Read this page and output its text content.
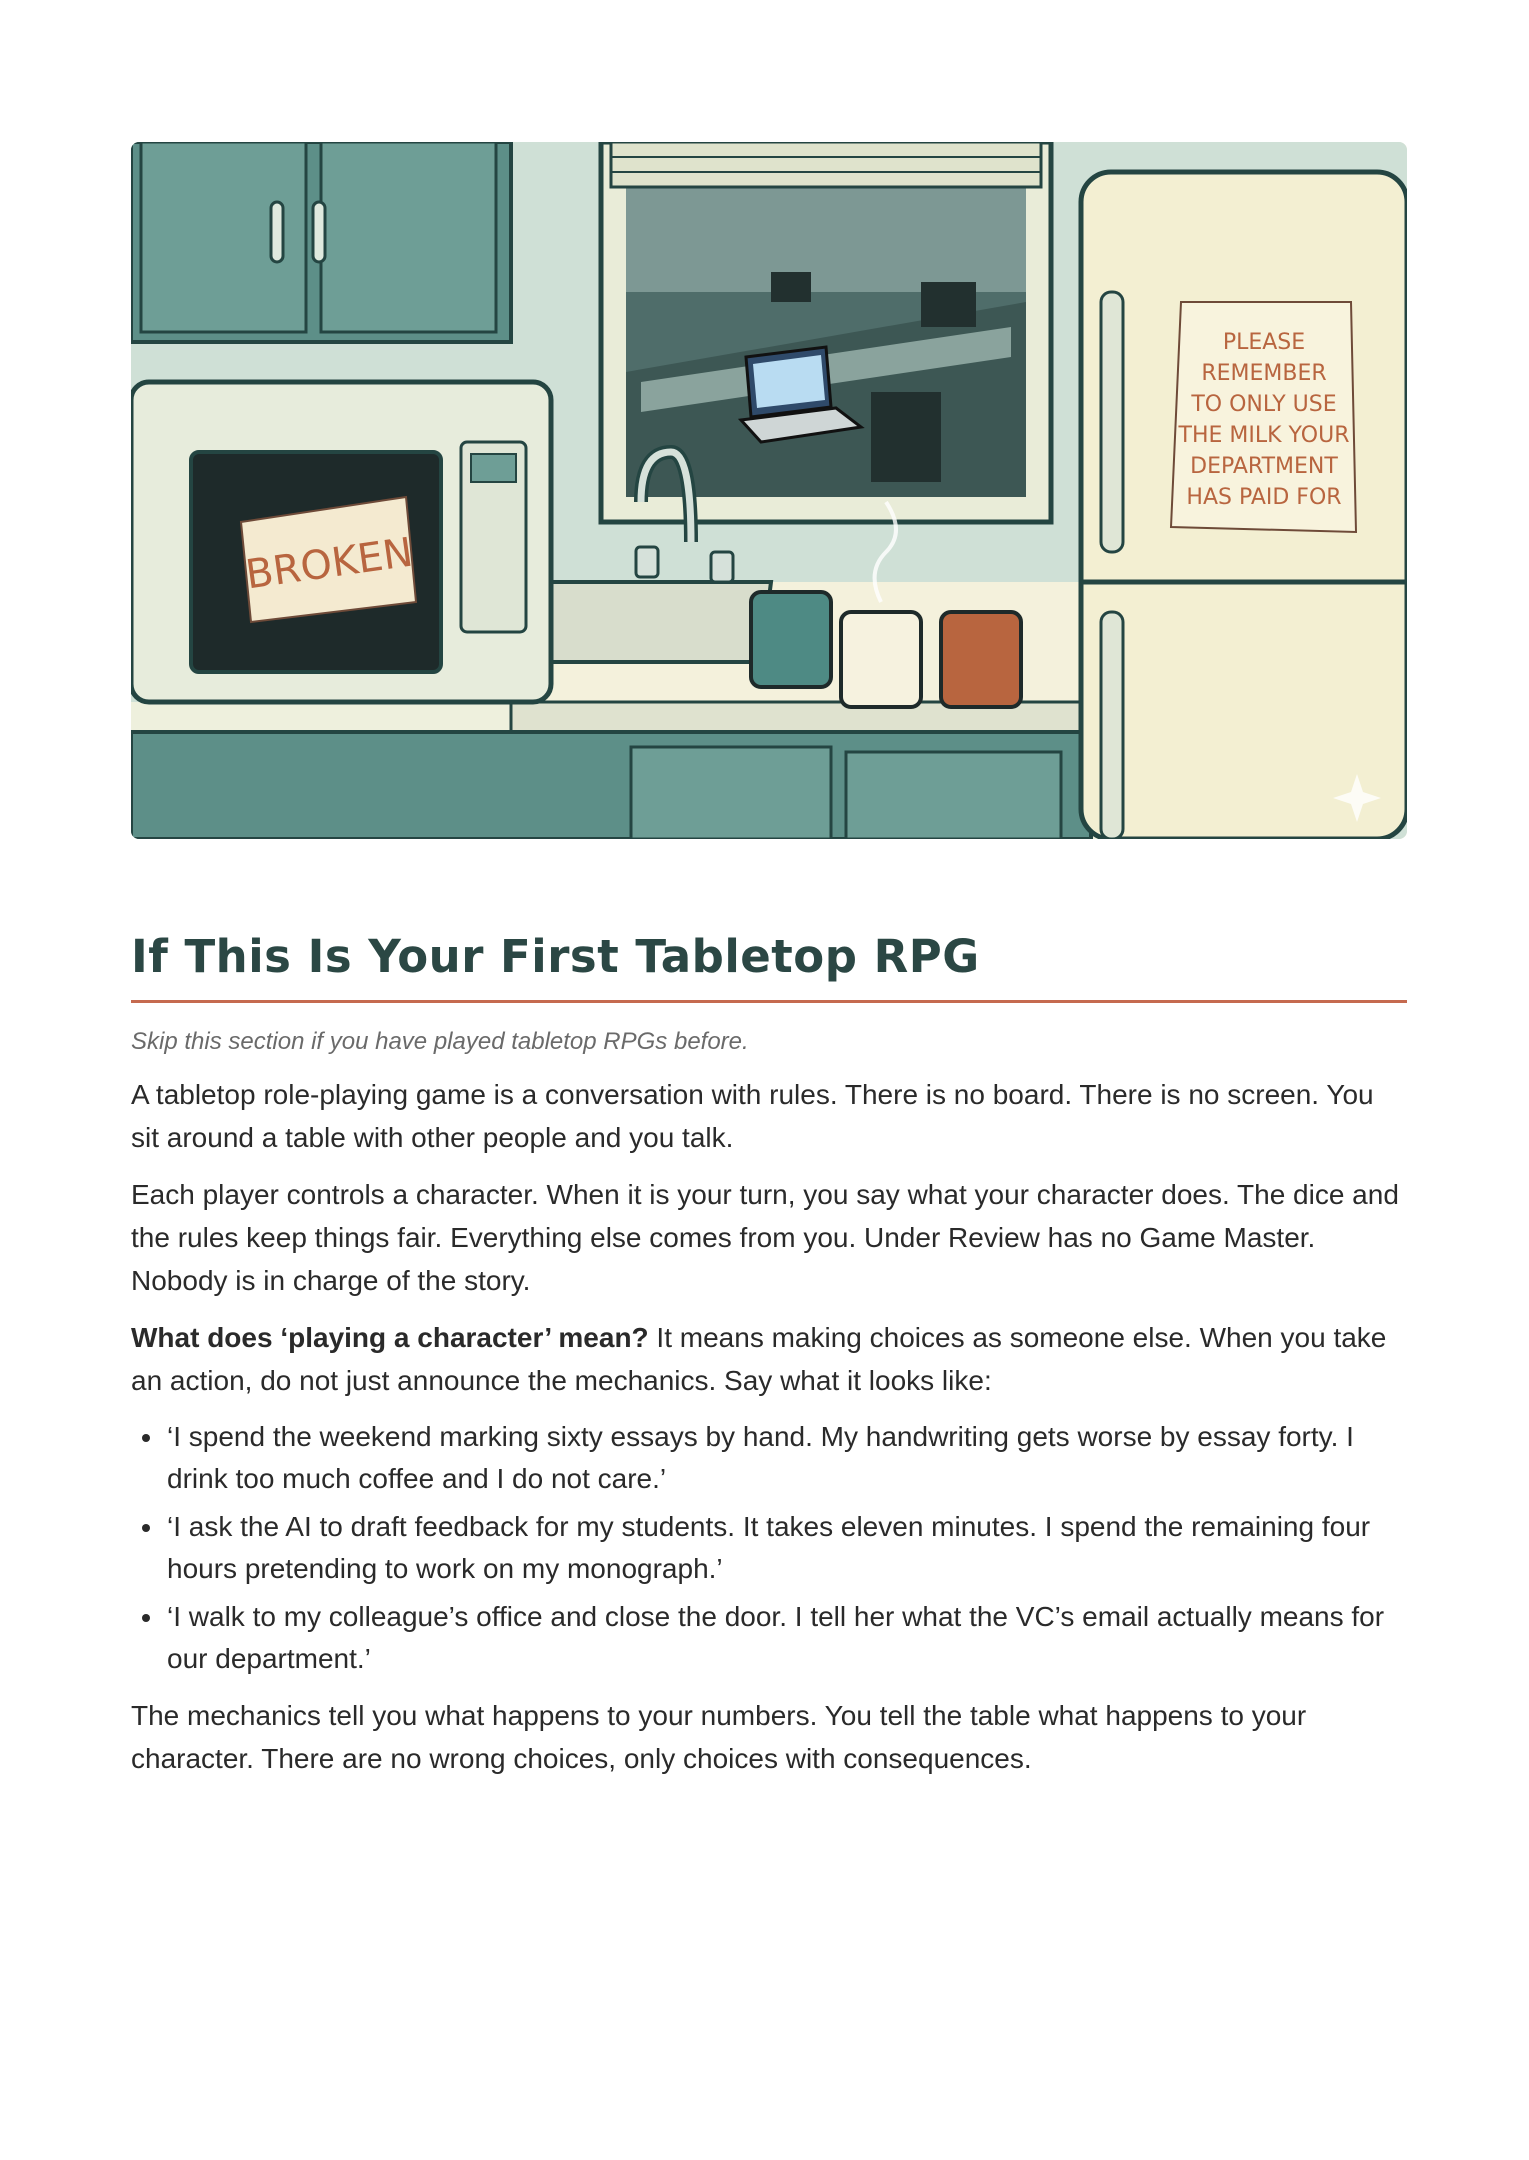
BROKEN
PLEASE
REMEMBER
TO ONLY USE
THE MILK YOUR
DEPARTMENT
HAS PAID FOR
If This Is Your First Tabletop RPG

Skip this section if you have played tabletop RPGs before.

A tabletop role-playing game is a conversation with rules. There is no board. There is no screen. You sit around a table with other people and you talk.

Each player controls a character. When it is your turn, you say what your character does. The dice and the rules keep things fair. Everything else comes from you. Under Review has no Game Master. Nobody is in charge of the story.

What does ‘playing a character’ mean? It means making choices as someone else. When you take an action, do not just announce the mechanics. Say what it looks like:

• ‘I spend the weekend marking sixty essays by hand. My handwriting gets worse by essay forty. I drink too much coffee and I do not care.’
• ‘I ask the AI to draft feedback for my students. It takes eleven minutes. I spend the remaining four hours pretending to work on my monograph.’
• ‘I walk to my colleague’s office and close the door. I tell her what the VC’s email actually means for our department.’

The mechanics tell you what happens to your numbers. You tell the table what happens to your character. There are no wrong choices, only choices with consequences.
